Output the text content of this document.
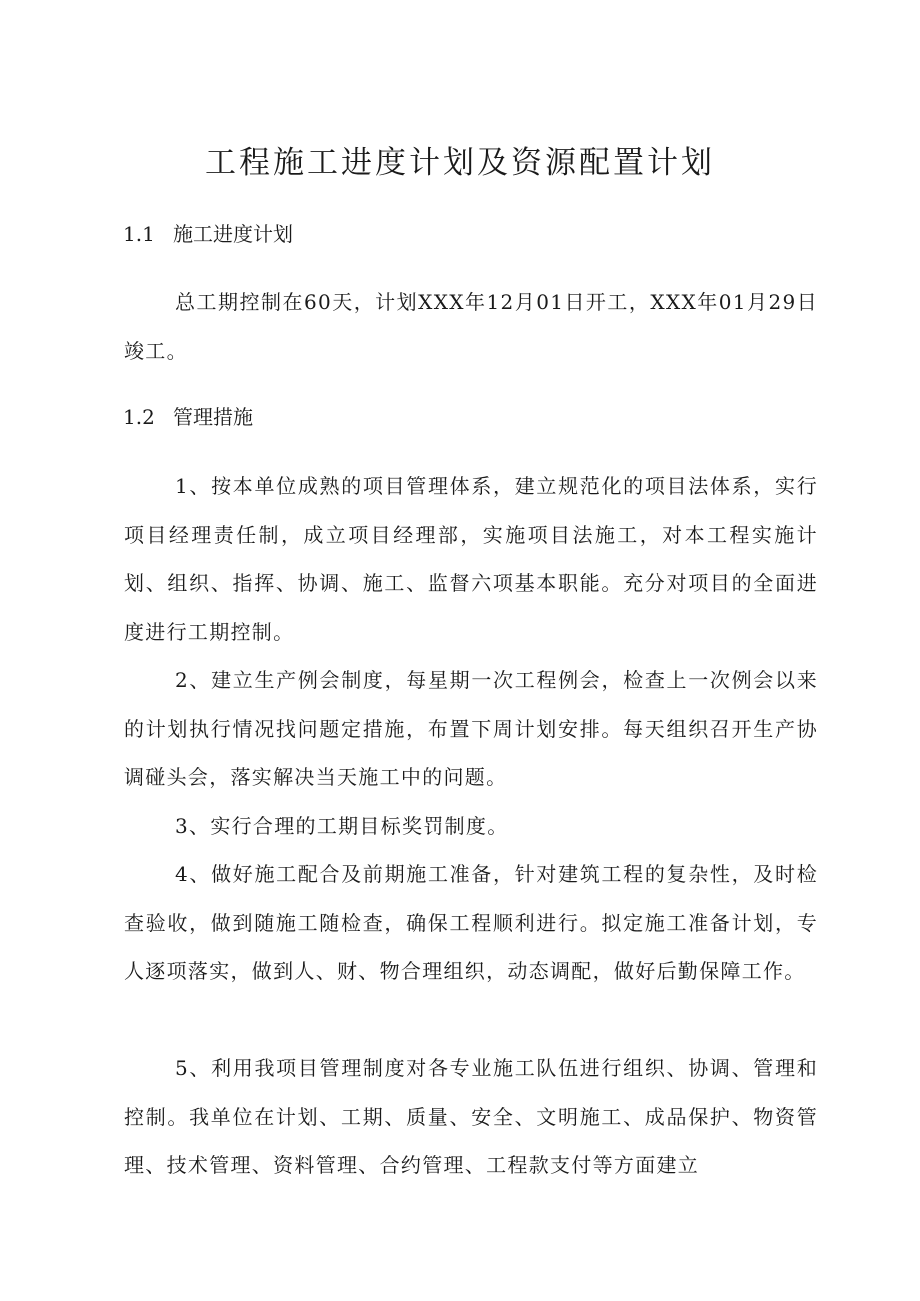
工程施工进度计划及资源配置计划
1.1 施工进度计划

总工期控制在60天，计划XXX年12月01日开工，XXX年01月29日竣工。

1.2 管理措施

1、按本单位成熟的项目管理体系，建立规范化的项目法体系，实行项目经理责任制，成立项目经理部，实施项目法施工，对本工程实施计划、组织、指挥、协调、施工、监督六项基本职能。充分对项目的全面进度进行工期控制。

2、建立生产例会制度，每星期一次工程例会，检查上一次例会以来的计划执行情况找问题定措施，布置下周计划安排。每天组织召开生产协调碰头会，落实解决当天施工中的问题。

3、实行合理的工期目标奖罚制度。

4、做好施工配合及前期施工准备，针对建筑工程的复杂性，及时检查验收，做到随施工随检查，确保工程顺利进行。拟定施工准备计划，专人逐项落实，做到人、财、物合理组织，动态调配，做好后勤保障工作。

5、利用我项目管理制度对各专业施工队伍进行组织、协调、管理和控制。我单位在计划、工期、质量、安全、文明施工、成品保护、物资管理、技术管理、资料管理、合约管理、工程款支付等方面建立
